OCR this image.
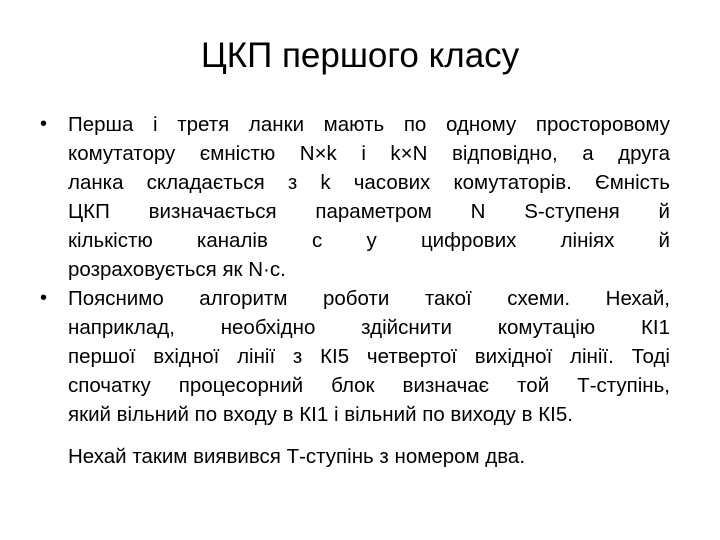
ЦКП першого класу
• Перша і третя ланки мають по одному просторовому
комутатору ємністю N×k і k×N відповідно, а друга
ланка складається з k часових комутаторів. Ємність
ЦКП визначається параметром N S-ступеня й
кількістю каналів с у цифрових лініях й
розраховується як N·с.
• Пояснимо алгоритм роботи такої схеми. Нехай,
наприклад, необхідно здійснити комутацію КІ1
першої вхідної лінії з КІ5 четвертої вихідної лінії. Тоді
спочатку процесорний блок визначає той Т-ступінь,
який вільний по входу в КІ1 і вільний по виходу в КІ5.
Нехай таким виявився Т-ступінь з номером два.
